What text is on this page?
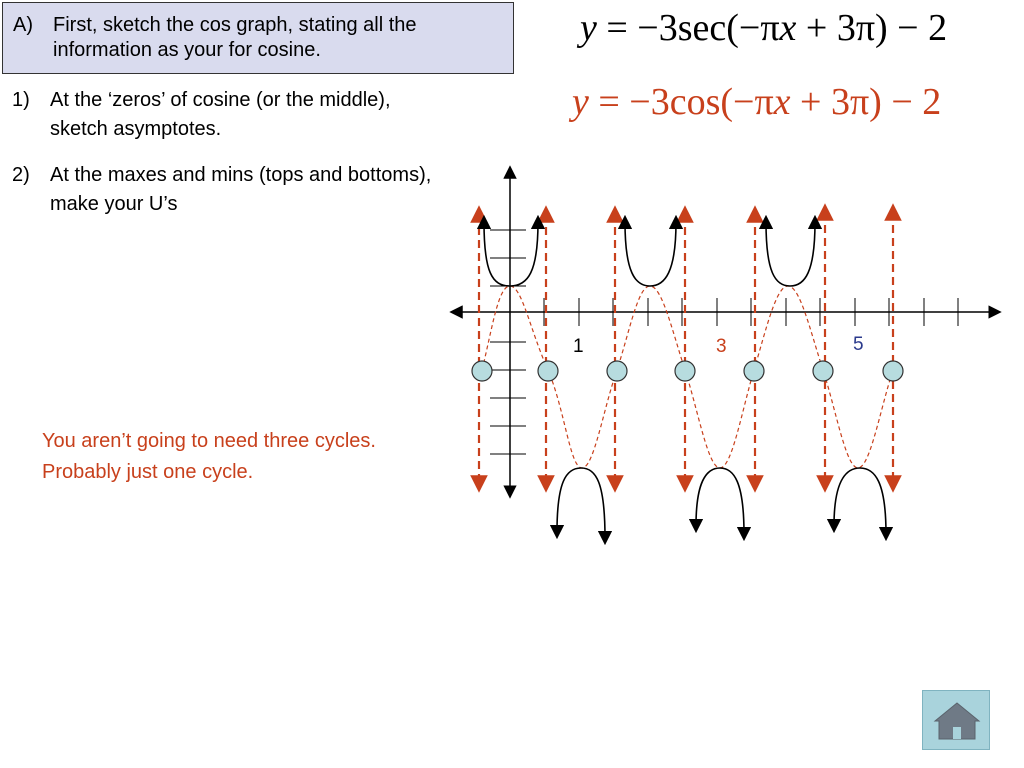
A) First, sketch the cos graph, stating all the information as your for cosine.
1) At the ‘zeros’ of cosine (or the middle), sketch asymptotes.
2) At the maxes and mins (tops and bottoms), make your U’s
y = −3sec(−πx + 3π) − 2
y = −3cos(−πx + 3π) − 2
You aren’t going to need three cycles. Probably just one cycle.
1	3	5
